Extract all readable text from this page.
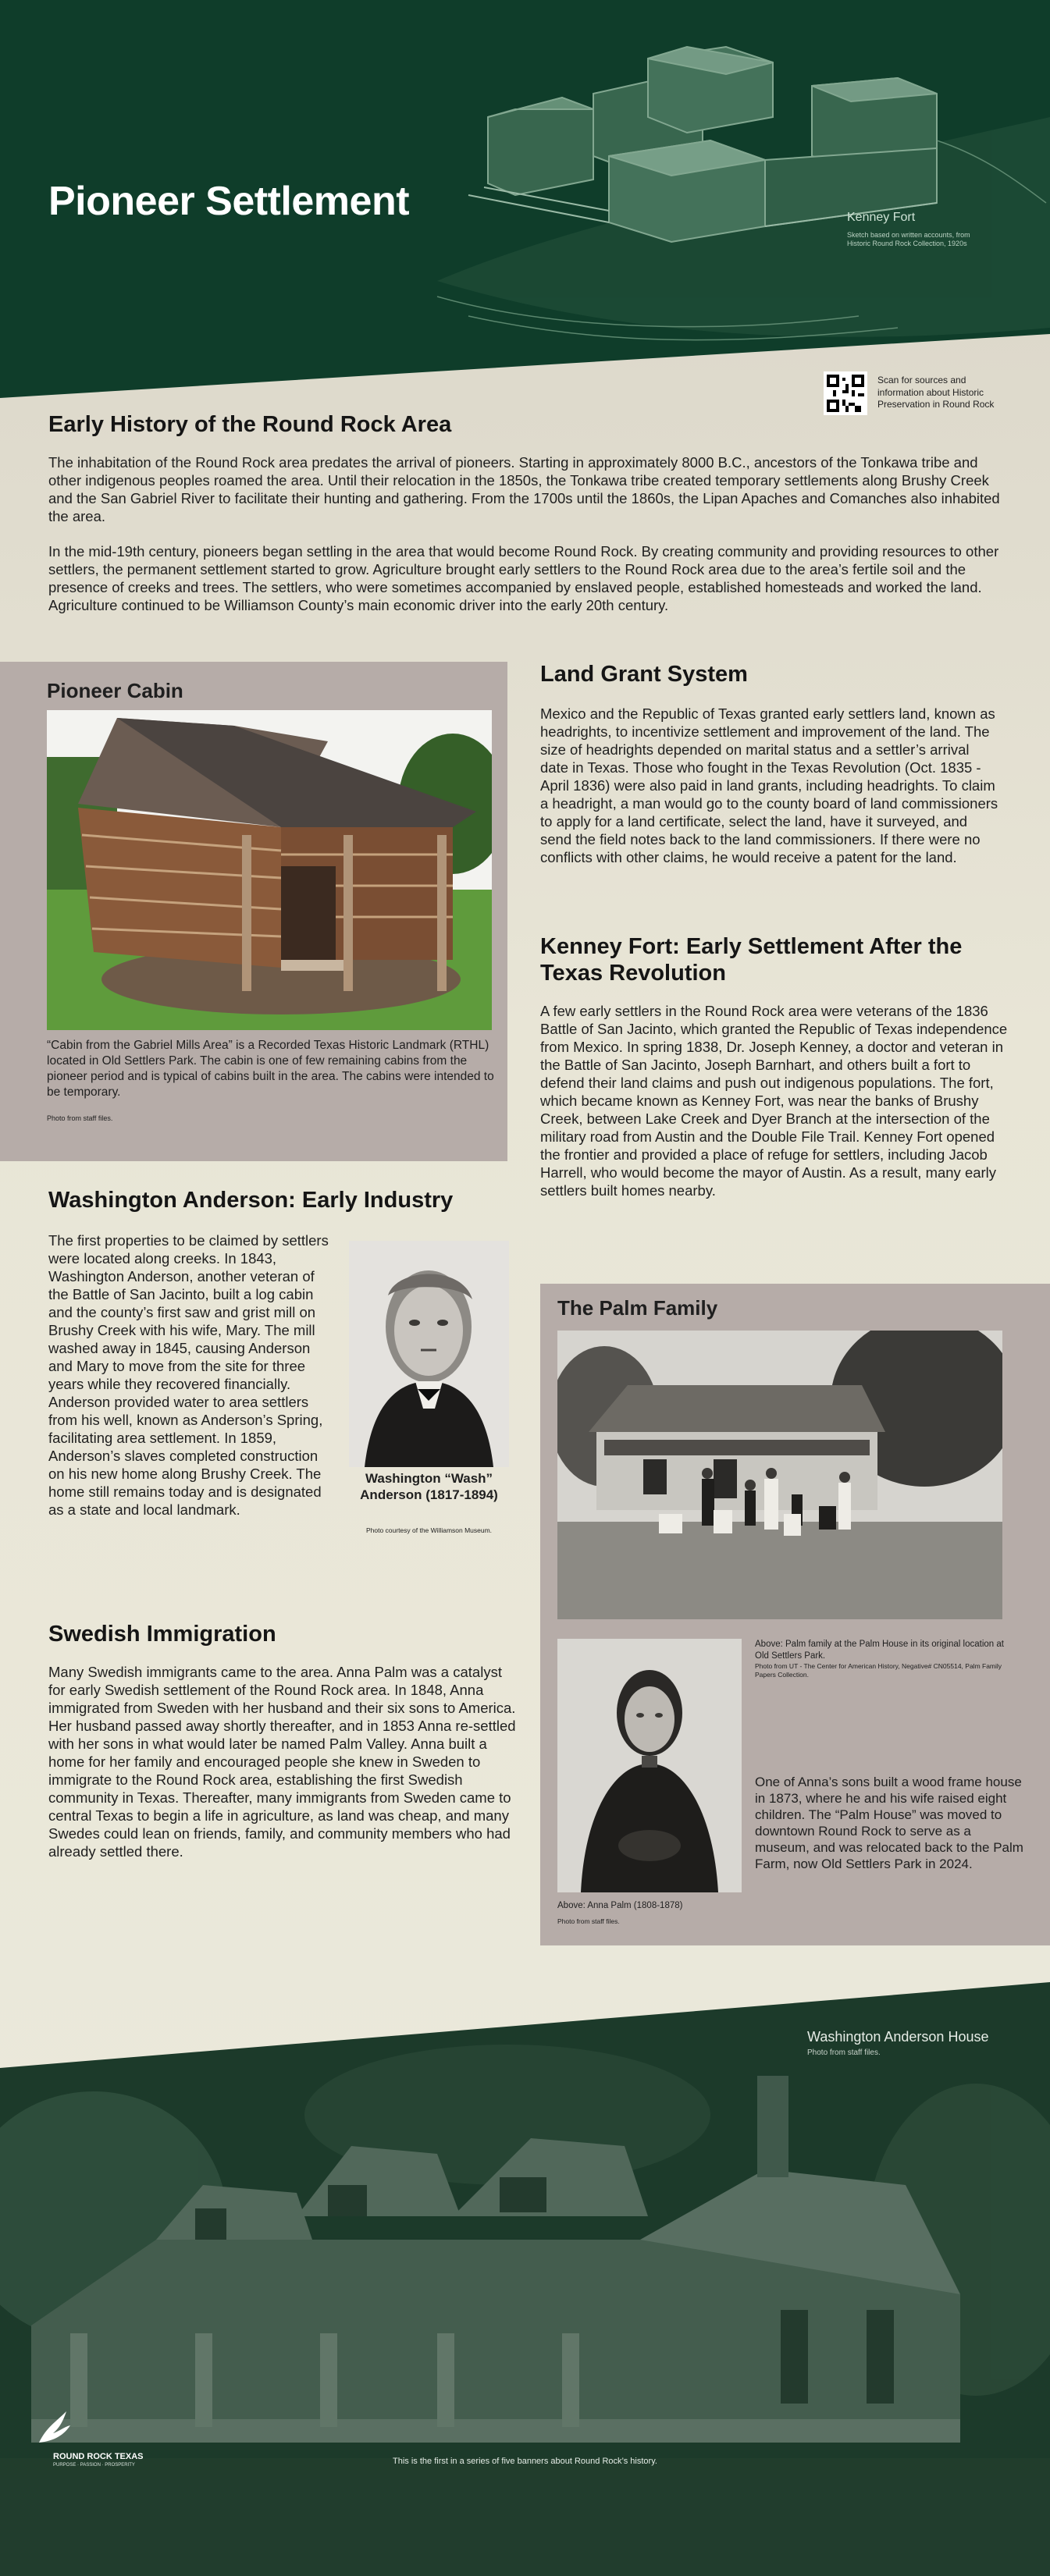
Pioneer Settlement	Kenney Fort
Sketch based on written accounts, from Historic Round Rock Collection, 1920s
Scan for sources and information about Historic Preservation in Round Rock
Early History of the Round Rock Area

The inhabitation of the Round Rock area predates the arrival of pioneers. Starting in approximately 8000 B.C., ancestors of the Tonkawa tribe and other indigenous peoples roamed the area. Until their relocation in the 1850s, the Tonkawa tribe created temporary settlements along Brushy Creek and the San Gabriel River to facilitate their hunting and gathering. From the 1700s until the 1860s, the Lipan Apaches and Comanches also inhabited the area.

In the mid-19th century, pioneers began settling in the area that would become Round Rock. By creating community and providing resources to other settlers, the permanent settlement started to grow. Agriculture brought early settlers to the Round Rock area due to the area’s fertile soil and the presence of creeks and trees. The settlers, who were sometimes accompanied by enslaved people, established homesteads and worked the land. Agriculture continued to be Williamson County’s main economic driver into the early 20th century.

Pioneer Cabin
“Cabin from the Gabriel Mills Area” is a Recorded Texas Historic Landmark (RTHL) located in Old Settlers Park. The cabin is one of few remaining cabins from the pioneer period and is typical of cabins built in the area. The cabins were intended to be temporary.
Photo from staff files.
Land Grant System

Mexico and the Republic of Texas granted early settlers land, known as headrights, to incentivize settlement and improvement of the land. The size of headrights depended on marital status and a settler’s arrival date in Texas. Those who fought in the Texas Revolution (Oct. 1835 - April 1836) were also paid in land grants, including headrights. To claim a headright, a man would go to the county board of land commissioners to apply for a land certificate, select the land, have it surveyed, and send the field notes back to the land commissioners. If there were no conflicts with other claims, he would receive a patent for the land.

Kenney Fort: Early Settlement After the Texas Revolution

A few early settlers in the Round Rock area were veterans of the 1836 Battle of San Jacinto, which granted the Republic of Texas independence from Mexico. In spring 1838, Dr. Joseph Kenney, a doctor and veteran in the Battle of San Jacinto, Joseph Barnhart, and others built a fort to defend their land claims and push out indigenous populations. The fort, which became known as Kenney Fort, was near the banks of Brushy Creek, between Lake Creek and Dyer Branch at the intersection of the military road from Austin and the Double File Trail. Kenney Fort opened the frontier and provided a place of refuge for settlers, including Jacob Harrell, who would become the mayor of Austin. As a result, many early settlers built homes nearby.

Washington Anderson: Early Industry
The first properties to be claimed by settlers were located along creeks. In 1843, Washington Anderson, another veteran of the Battle of San Jacinto, built a log cabin and the county’s first saw and grist mill on Brushy Creek with his wife, Mary. The mill washed away in 1845, causing Anderson and Mary to move from the site for three years while they recovered financially. Anderson provided water to area settlers from his well, known as Anderson’s Spring, facilitating area settlement. In 1859, Anderson’s slaves completed construction on his new home along Brushy Creek. The home still remains today and is designated as a state and local landmark.
Washington “Wash” Anderson (1817-1894)
Photo courtesy of the Williamson Museum.
Swedish Immigration

Many Swedish immigrants came to the area. Anna Palm was a catalyst for early Swedish settlement of the Round Rock area. In 1848, Anna immigrated from Sweden with her husband and their six sons to America. Her husband passed away shortly thereafter, and in 1853 Anna re-settled with her sons in what would later be named Palm Valley. Anna built a home for her family and encouraged people she knew in Sweden to immigrate to the Round Rock area, establishing the first Swedish community in Texas. Thereafter, many immigrants from Sweden came to central Texas to begin a life in agriculture, as land was cheap, and many Swedes could lean on friends, family, and community members who had already settled there.

The Palm Family
Above: Palm family at the Palm House in its original location at Old Settlers Park.
Photo from UT - The Center for American History, Negative# CN05514, Palm Family Papers Collection.
One of Anna’s sons built a wood frame house in 1873, where he and his wife raised eight children. The “Palm House” was moved to downtown Round Rock to serve as a museum, and was relocated back to the Palm Farm, now Old Settlers Park in 2024.
Above: Anna Palm (1808-1878)
Photo from staff files.
Washington Anderson House
Photo from staff files.
This is the first in a series of five banners about Round Rock’s history.
ROUND ROCK TEXAS
PURPOSE · PASSION · PROSPERITY
